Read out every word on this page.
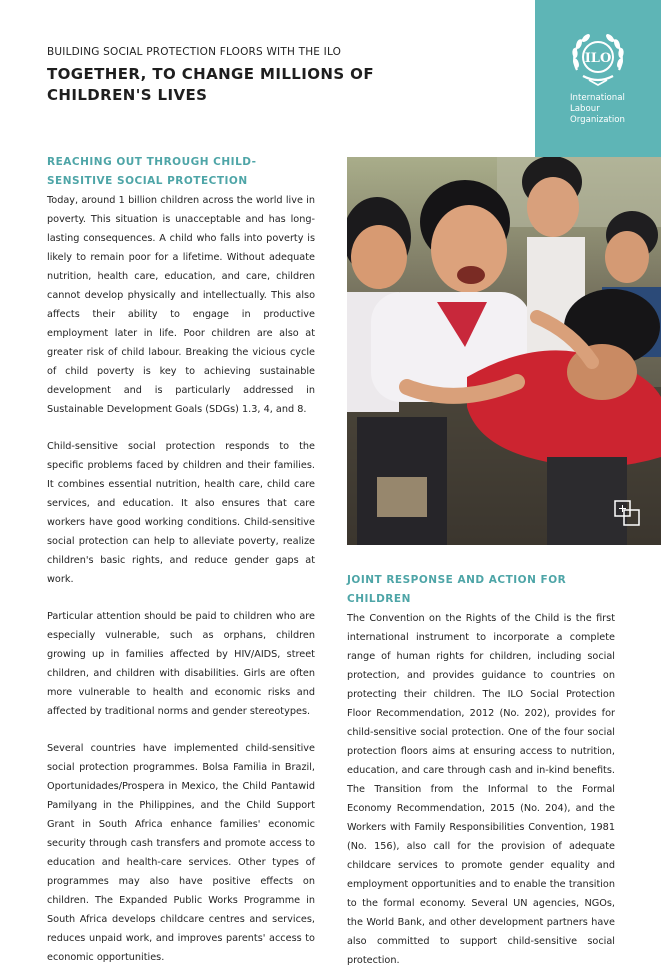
BUILDING SOCIAL PROTECTION FLOORS WITH THE ILO
TOGETHER, TO CHANGE MILLIONS OF
CHILDREN'S LIVES
ILO
International
Labour
Organization
REACHING OUT THROUGH CHILD-SENSITIVE SOCIAL PROTECTION

Today, around 1 billion children across the world live in poverty. This situation is unacceptable and has long-lasting consequences. A child who falls into poverty is likely to remain poor for a lifetime. Without adequate nutrition, health care, education, and care, children cannot develop physically and intellectually. This also affects their ability to engage in productive employment later in life. Poor children are also at greater risk of child labour. Breaking the vicious cycle of child poverty is key to achieving sustainable development and is particularly addressed in Sustainable Development Goals (SDGs) 1.3, 4, and 8.

Child-sensitive social protection responds to the specific problems faced by children and their families. It combines essential nutrition, health care, child care services, and education. It also ensures that care workers have good working conditions. Child-sensitive social protection can help to alleviate poverty, realize children's basic rights, and reduce gender gaps at work.

Particular attention should be paid to children who are especially vulnerable, such as orphans, children growing up in families affected by HIV/AIDS, street children, and children with disabilities. Girls are often more vulnerable to health and economic risks and affected by traditional norms and gender stereotypes.

Several countries have implemented child-sensitive social protection programmes. Bolsa Familia in Brazil, Oportunidades/Prospera in Mexico, the Child Pantawid Pamilyang in the Philippines, and the Child Support Grant in South Africa enhance families' economic security through cash transfers and promote access to education and health-care services. Other types of programmes may also have positive effects on children. The Expanded Public Works Programme in South Africa develops childcare centres and services, reduces unpaid work, and improves parents' access to economic opportunities.

JOINT RESPONSE AND ACTION FOR CHILDREN

The Convention on the Rights of the Child is the first international instrument to incorporate a complete range of human rights for children, including social protection, and provides guidance to countries on protecting their children. The ILO Social Protection Floor Recommendation, 2012 (No. 202), provides for child-sensitive social protection. One of the four social protection floors aims at ensuring access to nutrition, education, and care through cash and in-kind benefits. The Transition from the Informal to the Formal Economy Recommendation, 2015 (No. 204), and the Workers with Family Responsibilities Convention, 1981 (No. 156), also call for the provision of adequate childcare services to promote gender equality and employment opportunities and to enable the transition to the formal economy. Several UN agencies, NGOs, the World Bank, and other development partners have also committed to support child-sensitive social protection.
